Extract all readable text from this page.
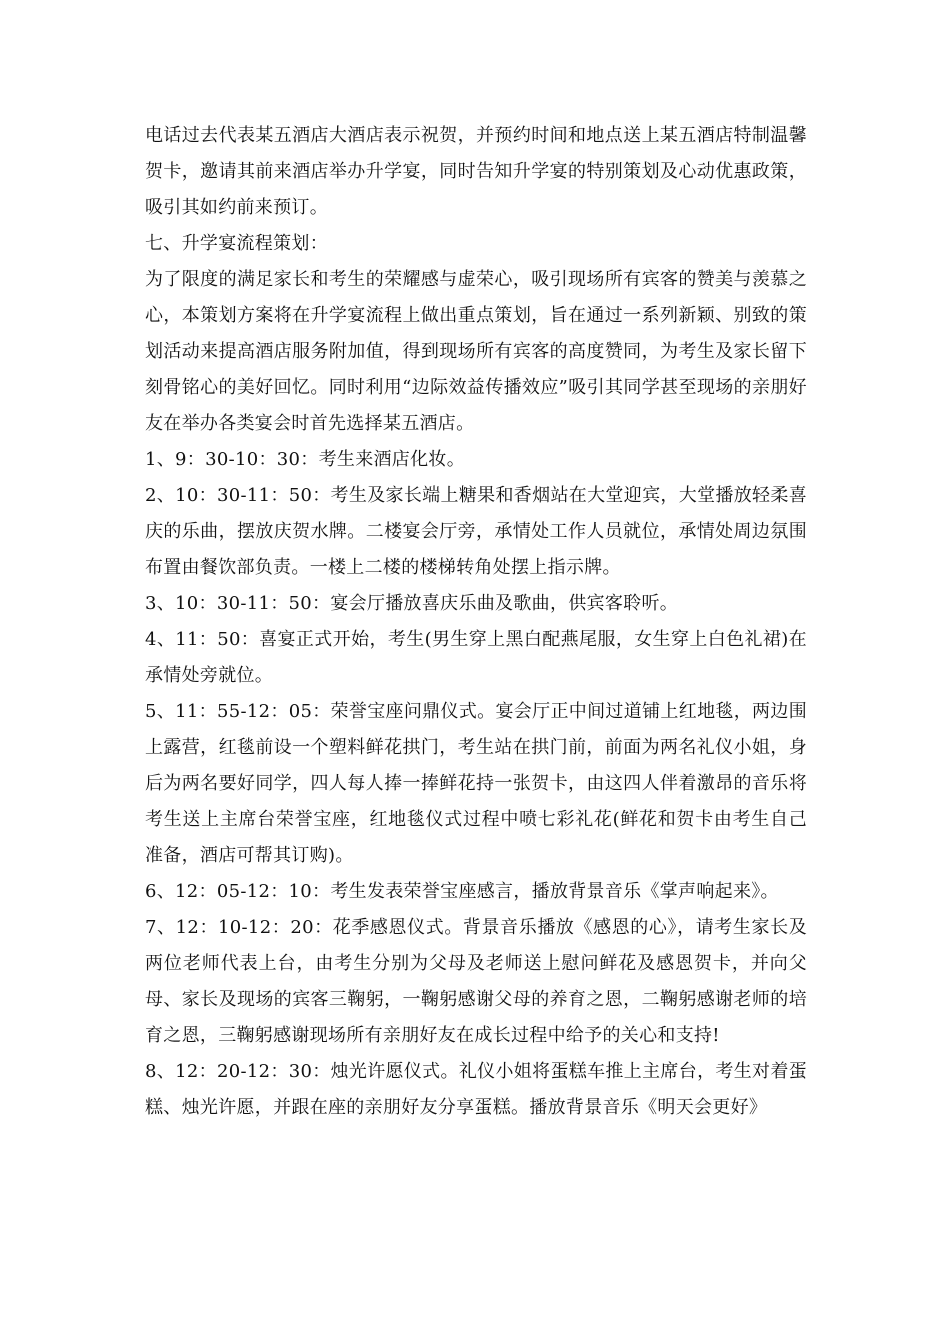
电话过去代表某五酒店大酒店表示祝贺，并预约时间和地点送上某五酒店特制温馨贺卡，邀请其前来酒店举办升学宴，同时告知升学宴的特别策划及心动优惠政策，吸引其如约前来预订。

七、升学宴流程策划：

为了限度的满足家长和考生的荣耀感与虚荣心，吸引现场所有宾客的赞美与羡慕之心，本策划方案将在升学宴流程上做出重点策划，旨在通过一系列新颖、别致的策划活动来提高酒店服务附加值，得到现场所有宾客的高度赞同，为考生及家长留下刻骨铭心的美好回忆。同时利用“边际效益传播效应”吸引其同学甚至现场的亲朋好友在举办各类宴会时首先选择某五酒店。

1、9：30-10：30：考生来酒店化妆。

2、10：30-11：50：考生及家长端上糖果和香烟站在大堂迎宾，大堂播放轻柔喜庆的乐曲，摆放庆贺水牌。二楼宴会厅旁，承情处工作人员就位，承情处周边氛围布置由餐饮部负责。一楼上二楼的楼梯转角处摆上指示牌。

3、10：30-11：50：宴会厅播放喜庆乐曲及歌曲，供宾客聆听。

4、11：50：喜宴正式开始，考生(男生穿上黑白配燕尾服，女生穿上白色礼裙)在承情处旁就位。

5、11：55-12：05：荣誉宝座问鼎仪式。宴会厅正中间过道铺上红地毯，两边围上露营，红毯前设一个塑料鲜花拱门，考生站在拱门前，前面为两名礼仪小姐，身后为两名要好同学，四人每人捧一捧鲜花持一张贺卡，由这四人伴着激昂的音乐将考生送上主席台荣誉宝座，红地毯仪式过程中喷七彩礼花(鲜花和贺卡由考生自己准备，酒店可帮其订购)。

6、12：05-12：10：考生发表荣誉宝座感言，播放背景音乐《掌声响起来》。

7、12：10-12：20：花季感恩仪式。背景音乐播放《感恩的心》，请考生家长及两位老师代表上台，由考生分别为父母及老师送上慰问鲜花及感恩贺卡，并向父母、家长及现场的宾客三鞠躬，一鞠躬感谢父母的养育之恩，二鞠躬感谢老师的培育之恩，三鞠躬感谢现场所有亲朋好友在成长过程中给予的关心和支持!

8、12：20-12：30：烛光许愿仪式。礼仪小姐将蛋糕车推上主席台，考生对着蛋糕、烛光许愿，并跟在座的亲朋好友分享蛋糕。播放背景音乐《明天会更好》
